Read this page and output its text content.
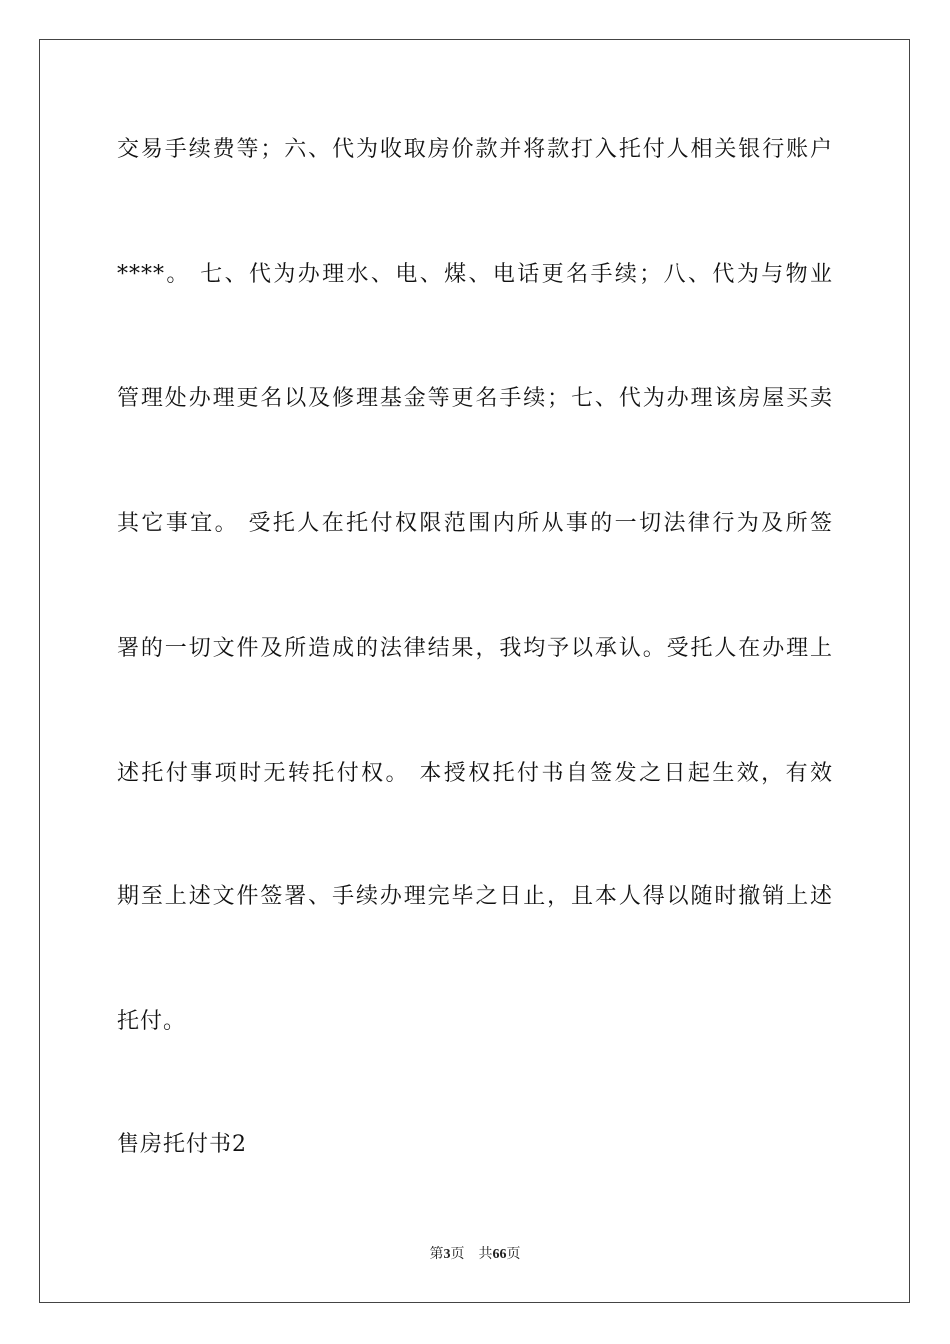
交易手续费等；六、代为收取房价款并将款打入托付人相关银行账户
****。 七、代为办理水、电、煤、电话更名手续；八、代为与物业
管理处办理更名以及修理基金等更名手续；七、代为办理该房屋买卖
其它事宜。 受托人在托付权限范围内所从事的一切法律行为及所签
署的一切文件及所造成的法律结果，我均予以承认。受托人在办理上
述托付事项时无转托付权。 本授权托付书自签发之日起生效，有效
期至上述文件签署、手续办理完毕之日止，且本人得以随时撤销上述
托付。
售房托付书2
第3页 共66页
